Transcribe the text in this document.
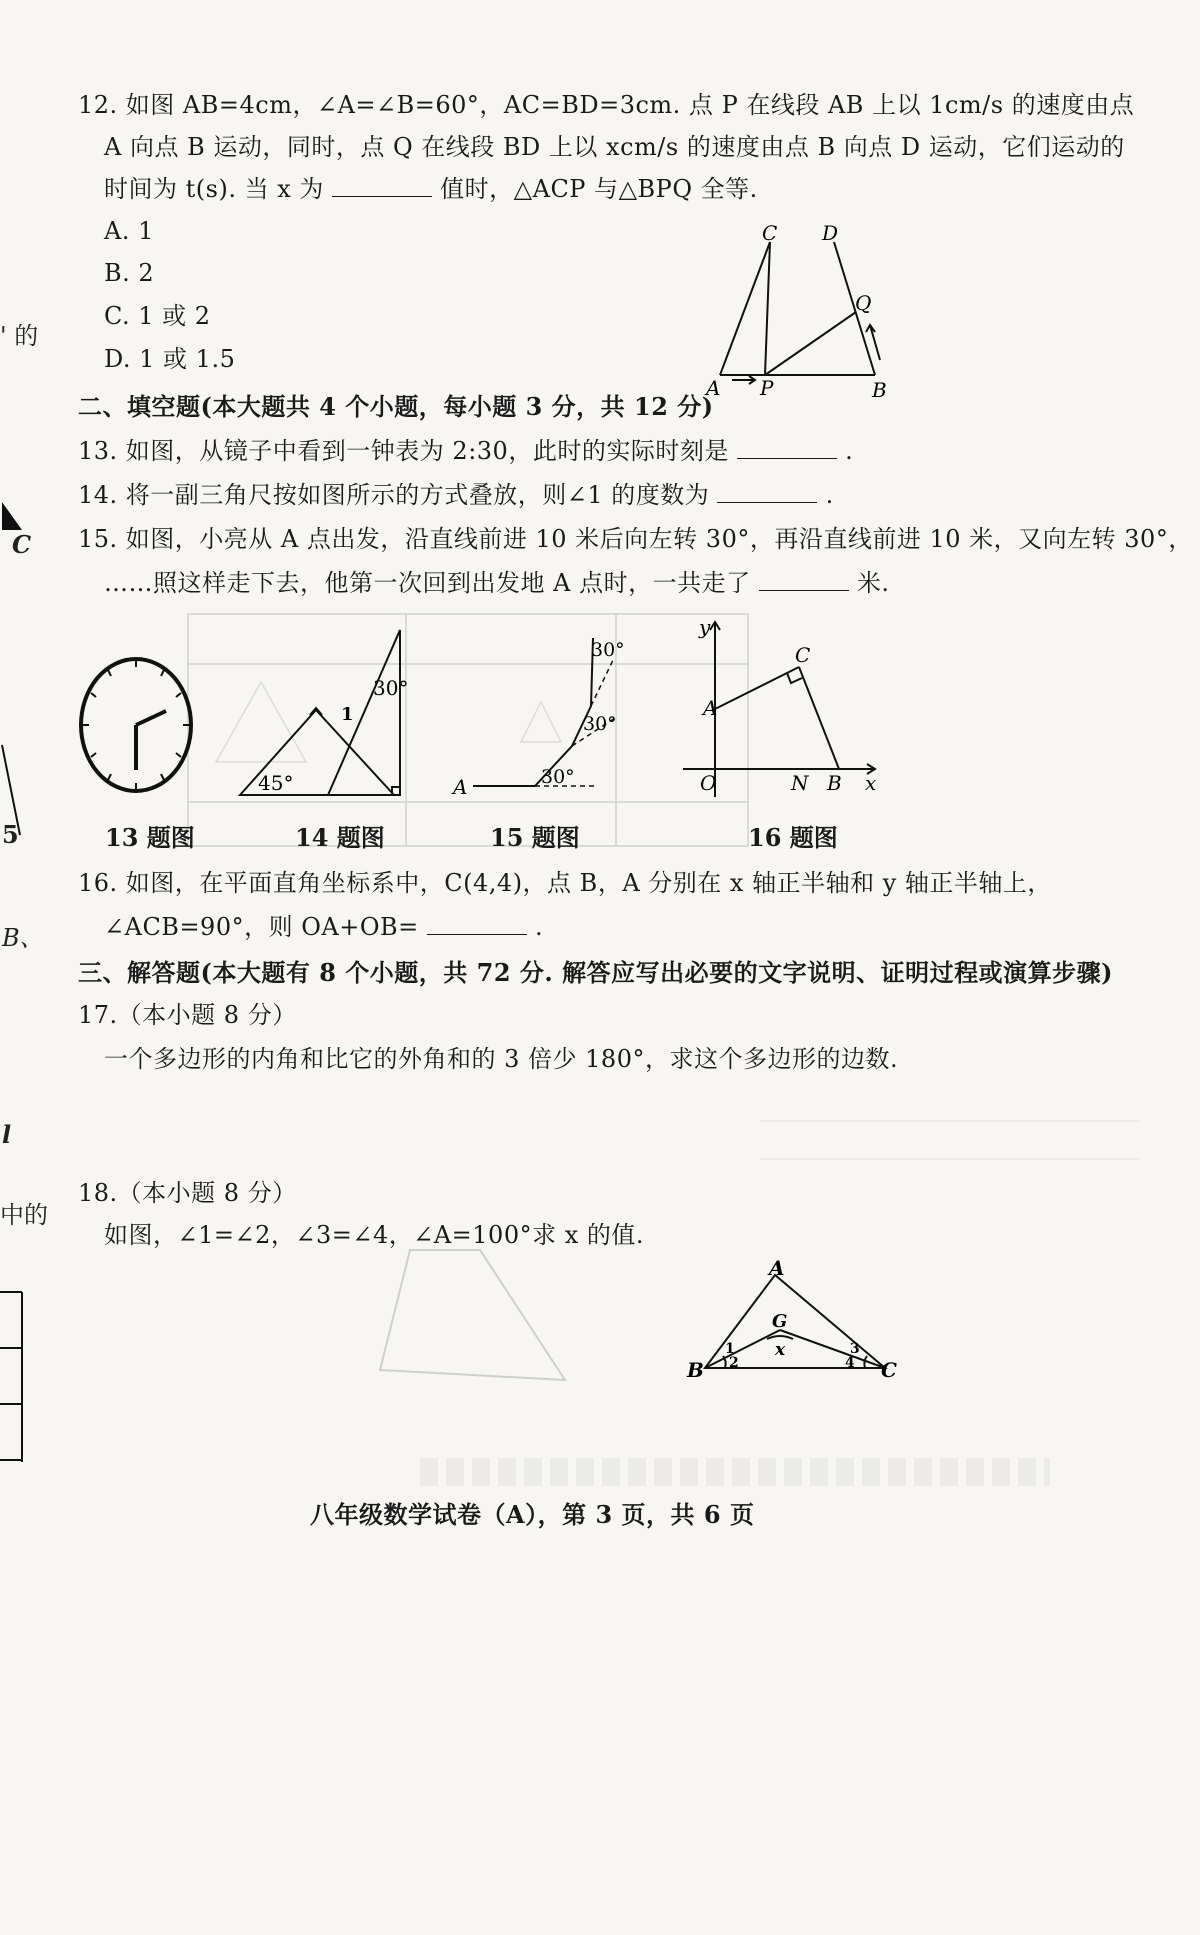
12. 如图 AB=4cm，∠A=∠B=60°，AC=BD=3cm. 点 P 在线段 AB 上以 1cm/s 的速度由点
A 向点 B 运动，同时，点 Q 在线段 BD 上以 xcm/s 的速度由点 B 向点 D 运动，它们运动的
时间为 t(s). 当 x 为	值时，△ACP 与△BPQ 全等.
A. 1
B. 2
C. 1 或 2
D. 1 或 1.5
C D
Q
A P	B
二、填空题(本大题共 4 个小题，每小题 3 分，共 12 分)
13. 如图，从镜子中看到一钟表为 2:30，此时的实际时刻是	.
14. 将一副三角尺按如图所示的方式叠放，则∠1 的度数为	.
15. 如图，小亮从 A 点出发，沿直线前进 10 米后向左转 30°，再沿直线前进 10 米，又向左转 30°，
……照这样走下去，他第一次回到出发地 A 点时，一共走了	米.
45°
30°
1
A	30°
30°
30°
y
C
A
O	N B x
13 题图	14 题图	15 题图	16 题图
16. 如图，在平面直角坐标系中，C(4,4)，点 B，A 分别在 x 轴正半轴和 y 轴正半轴上，
∠ACB=90°，则 OA+OB=	.
三、解答题(本大题有 8 个小题，共 72 分. 解答应写出必要的文字说明、证明过程或演算步骤)
17.（本小题 8 分）
一个多边形的内角和比它的外角和的 3 倍少 180°，求这个多边形的边数.
18.（本小题 8 分）
如图，∠1=∠2，∠3=∠4，∠A=100°求 x 的值.
A
G
x
B	C
1
2
3
4
' 的
C
5
B、
l
中的
八年级数学试卷（A），第 3 页，共 6 页
